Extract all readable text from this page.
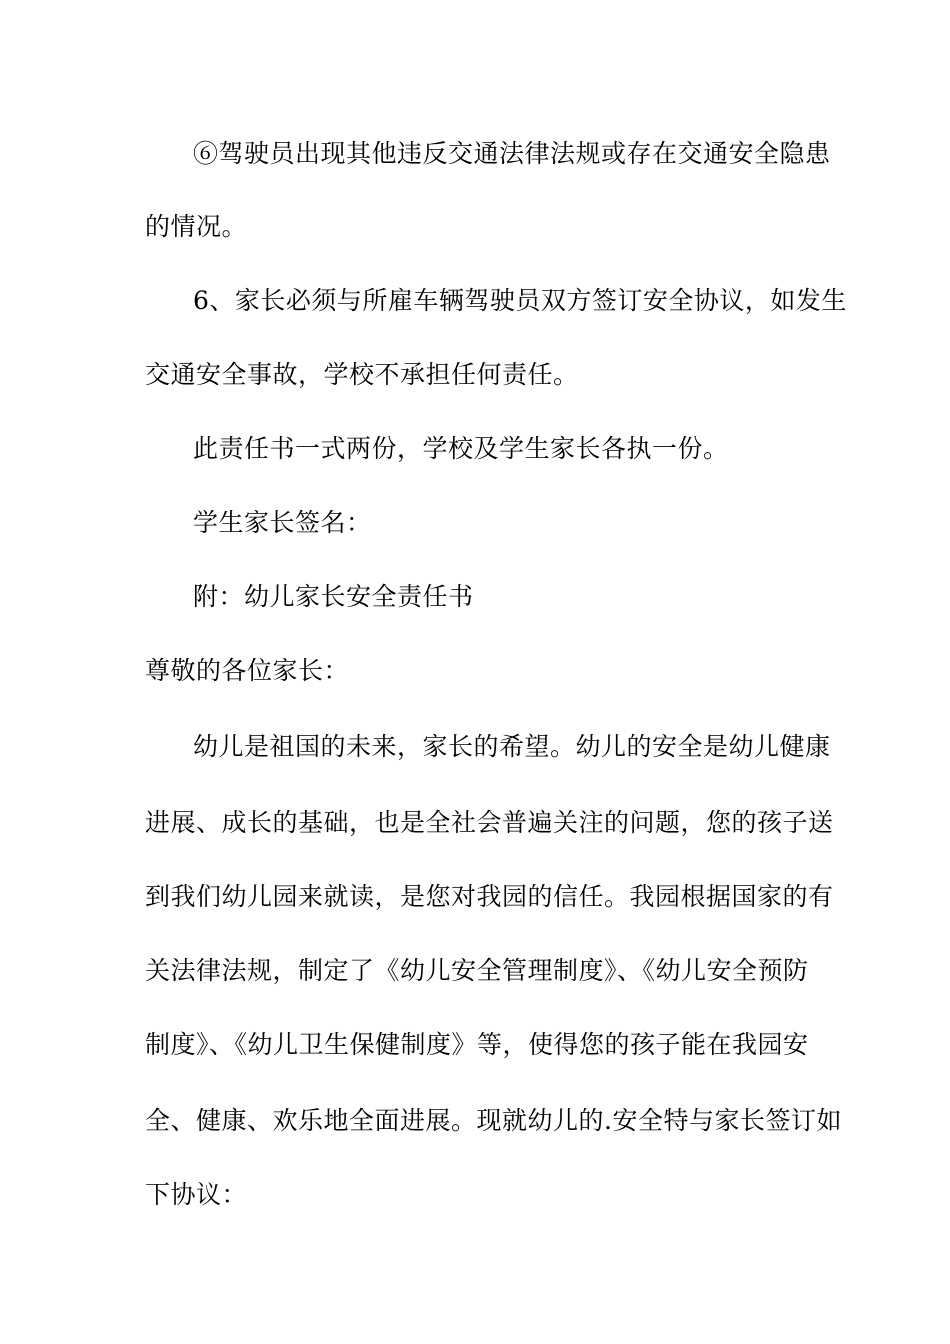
⑥驾驶员出现其他违反交通法律法规或存在交通安全隐患
的情况。
6、家长必须与所雇车辆驾驶员双方签订安全协议，如发生
交通安全事故，学校不承担任何责任。
此责任书一式两份，学校及学生家长各执一份。
学生家长签名：
附：幼儿家长安全责任书
尊敬的各位家长：
幼儿是祖国的未来，家长的希望。幼儿的安全是幼儿健康
进展、成长的基础，也是全社会普遍关注的问题，您的孩子送
到我们幼儿园来就读，是您对我园的信任。我园根据国家的有
关法律法规，制定了《幼儿安全管理制度》、《幼儿安全预防
制度》、《幼儿卫生保健制度》等，使得您的孩子能在我园安
全、健康、欢乐地全面进展。现就幼儿的.安全特与家长签订如
下协议：
